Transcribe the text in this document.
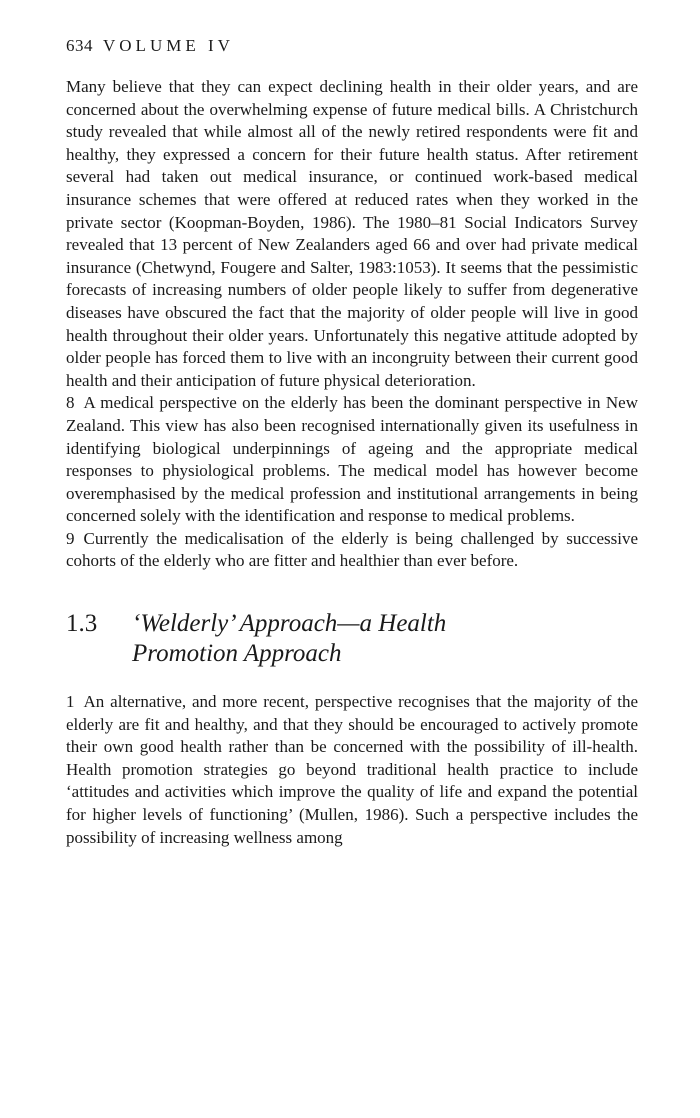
634 VOLUME IV

Many believe that they can expect declining health in their older years, and are concerned about the overwhelming expense of future medical bills. A Christchurch study revealed that while almost all of the newly retired respondents were fit and healthy, they expressed a concern for their future health status. After retirement several had taken out medical insurance, or continued work-based medical insurance schemes that were offered at reduced rates when they worked in the private sector (Koopman-Boyden, 1986). The 1980–81 Social Indicators Survey revealed that 13 percent of New Zealanders aged 66 and over had private medical insurance (Chetwynd, Fougere and Salter, 1983:1053). It seems that the pessimistic forecasts of increasing numbers of older people likely to suffer from degenerative diseases have obscured the fact that the majority of older people will live in good health throughout their older years. Unfortunately this negative attitude adopted by older people has forced them to live with an incongruity between their current good health and their anticipation of future physical deterioration.

8 A medical perspective on the elderly has been the dominant perspective in New Zealand. This view has also been recognised internationally given its usefulness in identifying biological underpinnings of ageing and the appropriate medical responses to physiological problems. The medical model has however become overemphasised by the medical profession and institutional arrangements in being concerned solely with the identification and response to medical problems.

9 Currently the medicalisation of the elderly is being challenged by successive cohorts of the elderly who are fitter and healthier than ever before.

1.3	‘Welderly’ Approach—a Health Promotion Approach

1 An alternative, and more recent, perspective recognises that the majority of the elderly are fit and healthy, and that they should be encouraged to actively promote their own good health rather than be concerned with the possibility of ill-health. Health promotion strategies go beyond traditional health practice to include ‘attitudes and activities which improve the quality of life and expand the potential for higher levels of functioning’ (Mullen, 1986). Such a perspective includes the possibility of increasing wellness among
